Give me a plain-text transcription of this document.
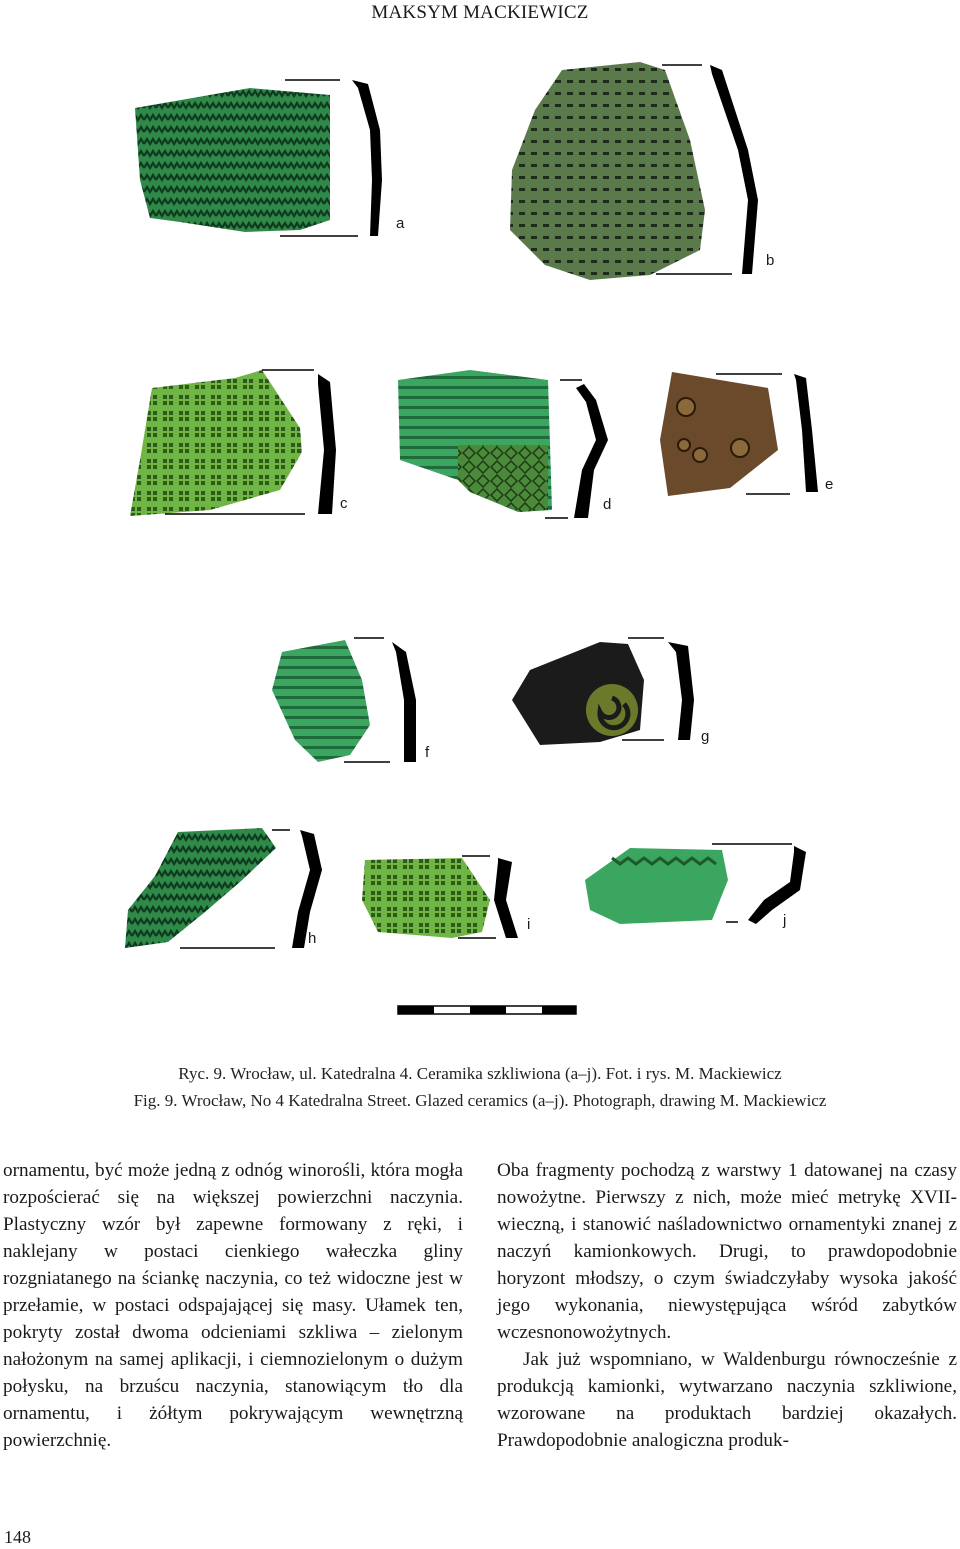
MAKSYM MACKIEWICZ
a
b
c	d
e
f
g
h
i	j
Ryc. 9. Wrocław, ul. Katedralna 4. Ceramika szkliwiona (a–j). Fot. i rys. M. Mackiewicz
Fig. 9. Wrocław, No 4 Katedralna Street. Glazed ceramics (a–j). Photograph, drawing M. Mackiewicz

ornamentu, być może jedną z odnóg winorośli, która mogła rozpościerać się na większej powierzchni naczynia. Plastyczny wzór był zapewne formowany z ręki, i naklejany w postaci cienkiego wałeczka gliny rozgniatanego na ściankę naczynia, co też widoczne jest w przełamie, w postaci odspajającej się masy. Ułamek ten, pokryty został dwoma odcieniami szkliwa – zielonym nałożonym na samej aplikacji, i ciemnozielonym o dużym połysku, na brzuścu naczynia, stanowiącym tło dla ornamentu, i żółtym pokrywającym wewnętrzną powierzchnię.

Oba fragmenty pochodzą z warstwy 1 datowanej na czasy nowożytne. Pierwszy z nich, może mieć metrykę XVII-wieczną, i stanowić naśladownictwo ornamentyki znanej z naczyń kamionkowych. Drugi, to prawdopodobnie horyzont młodszy, o czym świadczyłaby wysoka jakość jego wykonania, niewystępująca wśród zabytków wczesnonowożytnych.

Jak już wspomniano, w Waldenburgu równocześnie z produkcją kamionki, wytwarzano naczynia szkliwione, wzorowane na produktach bardziej okazałych. Prawdopodobnie analogiczna produk-

148
